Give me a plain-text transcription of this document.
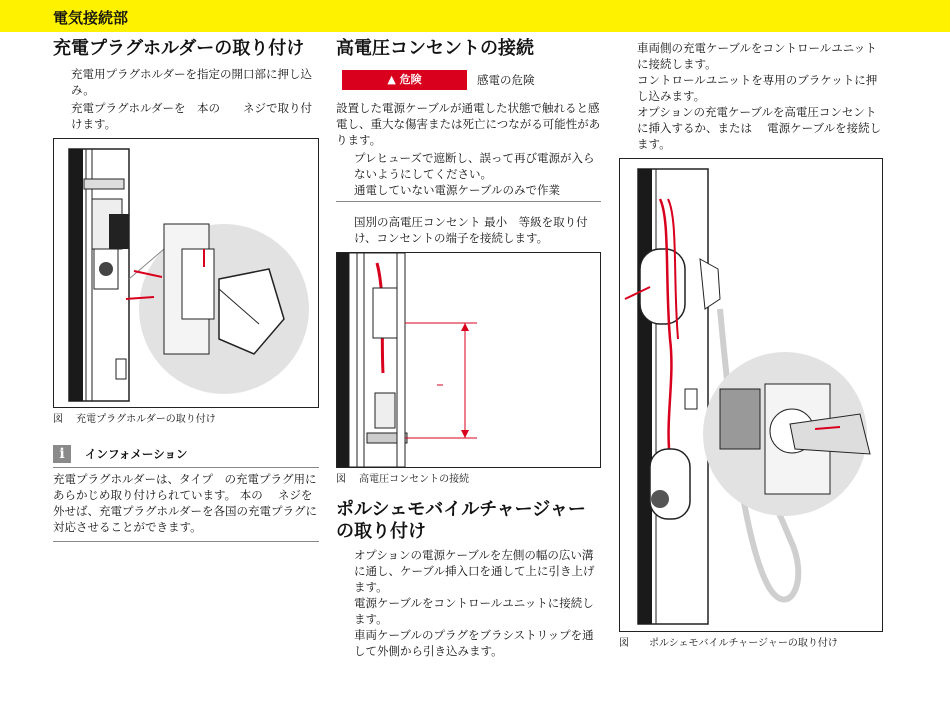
電気接続部
充電プラグホルダーの取り付け

充電用プラグホルダーを指定の開口部に押し込み。

充電プラグホルダーを　本の　　ネジで取り付けます。

図　 充電プラグホルダーの取り付け

i	インフォメーション

充電プラグホルダーは、タイプ　の充電プラグ用にあらかじめ取り付けられています。 本の　 ネジを外せば、充電プラグホルダーを各国の充電プラグに対応させることができます。

高電圧コンセントの接続
▲ 危険	感電の危険

設置した電源ケーブルが通電した状態で触れると感電し、重大な傷害または死亡につながる可能性があります。

プレヒューズで遮断し、誤って再び電源が入らないようにしてください。

通電していない電源ケーブルのみで作業

国別の高電圧コンセント 最小　等級を取り付け、コンセントの端子を接続します。

図　 高電圧コンセントの接続

ポルシェモバイルチャージャーの取り付け

オプションの電源ケーブルを左側の幅の広い溝に通し、ケーブル挿入口を通して上に引き上げます。

電源ケーブルをコントロールユニットに接続します。

車両ケーブルのプラグをブラシストリップを通して外側から引き込みます。

車両側の充電ケーブルをコントロールユニットに接続します。

コントロールユニットを専用のブラケットに押し込みます。

オプションの充電ケーブルを高電圧コンセントに挿入するか、または　 電源ケーブルを接続します。

図　　ポルシェモバイルチャージャーの取り付け
